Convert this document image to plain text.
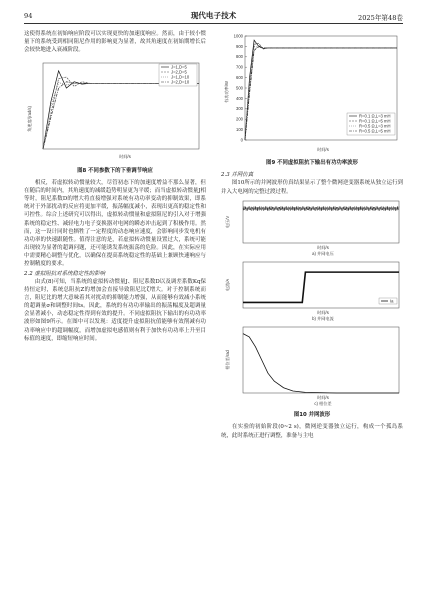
94	现代电子技术	2025年第48卷

这使得系统在初始响应阶段可以实现更快的加速度响应。然而，由于较小惯量下的系统受到相同阻尼作用的影响更为显著，故其角速度在初始期增长后会较快地进入衰减阶段。

角速度/(rad/s)
时间/s
J=1,D=5
J=2,D=5
J=1,D=10
J=2,D=10
图8 不同参数下的下垂调节响应

相反，若虚拟转动惯量较大，尽管初态下的加速度增益不那么显著，但在随后的时间内，其角速度的减缓趋势明显更为平缓；而当虚拟转动惯量J相等时，阻尼系数D的增大将直接增强对系统有功功率变动的抑制效果，即系统对于外部扰动的反应将更加平缓，振荡幅度减小，表现出更高的稳定性和可控性。综合上述研究可以得出，虚拟转动惯量和虚拟阻尼的引入对于增强系统的稳定性、减轻电力电子变换器对电网的瞬态冲击起到了积极作用。然而，这一设计同时也牺牲了一定程度的动态响应速度，会影响同步发电机有功功率的快速跟随性。值得注意的是，若虚拟转动惯量设置过大，系统可能出现较为显著的超调问题，还可能诱发系统振荡的危险。因此，在实际应用中需要精心调整与优化，以确保在提高系统稳定性的基础上兼顾快速响应与控制精度的要求。

2.2 虚拟阻抗对系统稳定性的影响

由式(8)可知，当系统的虚拟转动惯量J、阻尼系数D以及调差系数Kq保持恒定时，系统总阻抗Z的增加会直接导致阻尼比ζ增大。对于控制系统而言，阻尼比的增大意味着其对扰动的抑制能力增强，从而能够有效减小系统的超调量σ和调整时间ts。因此，系统的有功功率输出的振荡幅度及超调量会显著减小，动态稳定性得到有效的提升。不同虚拟阻抗下输出的有功功率波形如图9所示。在图中可以发现：适度提升虚拟阻抗值能够有效削减有功功率响应中的超调幅度，而增加虚拟电感值则有利于加快有功功率上升至目标值的速度，即缩短响应时间。

有功功率/W
时间/s
0
100
200
300
400
500
600
700
800
900
1000
R=0.1 Ω,L=3 mH
R=0.1 Ω,L=5 mH
R=0.5 Ω,L=3 mH
R=0.5 Ω,L=5 mH
图9 不同虚拟阻抗下输出有功功率波形

2.3 并网仿真

图10所示的并网波形仿真结果显示了整个微网逆变器系统从独立运行到并入大电网的完整过渡过程。

电压/V
时间/s
a) 并网电压

电流/A
时间/s
b) 并网电流
Ia

相位差/rad
时间/s
c) 相位差
图10 并网波形

在实验的初始阶段(0~2 s)，微网逆变器独立运行，构成一个孤岛系统，此时系统正进行调整，准备与主电
